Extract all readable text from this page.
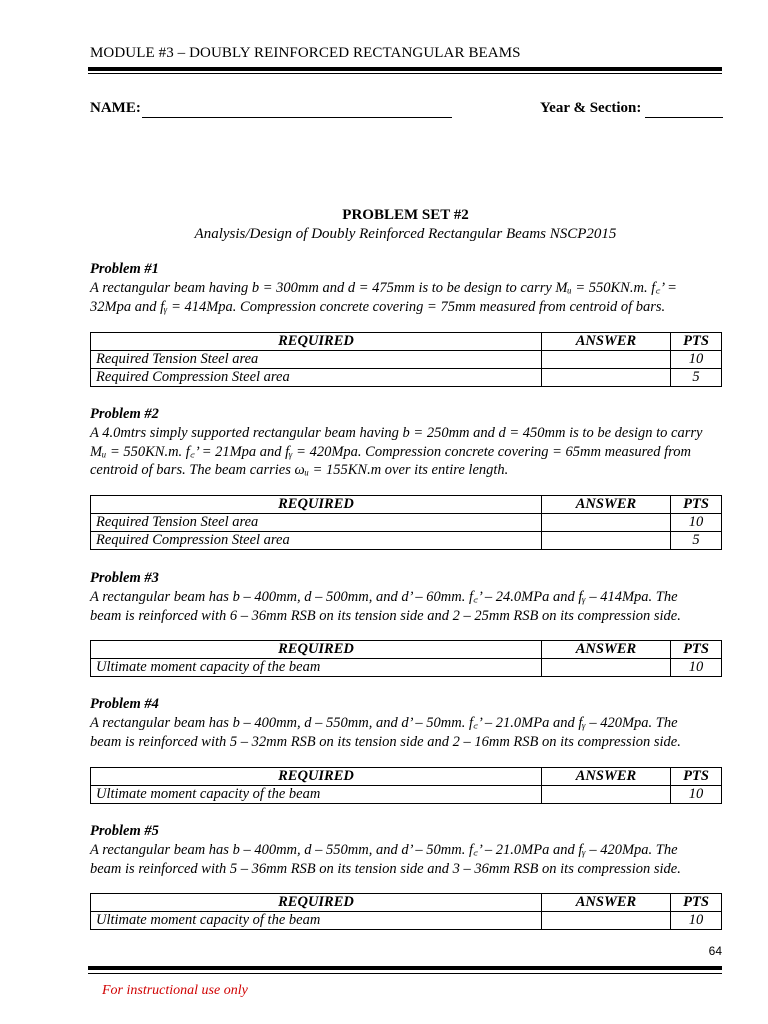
MODULE #3 – DOUBLY REINFORCED RECTANGULAR BEAMS
NAME:	Year & Section:
PROBLEM SET #2
Analysis/Design of Doubly Reinforced Rectangular Beams NSCP2015
Problem #1
A rectangular beam having b = 300mm and d = 475mm is to be design to carry Mᵤ = 550KN.m. f꜀’ =
32Mpa and fᵧ = 414Mpa. Compression concrete covering = 75mm measured from centroid of bars.
REQUIRED	ANSWER	PTS
Required Tension Steel area		10
Required Compression Steel area		5
Problem #2
A 4.0mtrs simply supported rectangular beam having b = 250mm and d = 450mm is to be design to carry
Mᵤ = 550KN.m. f꜀’ = 21Mpa and fᵧ = 420Mpa. Compression concrete covering = 65mm measured from
centroid of bars. The beam carries ωᵤ = 155KN.m over its entire length.
REQUIRED	ANSWER	PTS
Required Tension Steel area		10
Required Compression Steel area		5
Problem #3
A rectangular beam has b – 400mm, d – 500mm, and d’ – 60mm. f꜀’ – 24.0MPa and fᵧ – 414Mpa. The
beam is reinforced with 6 – 36mm RSB on its tension side and 2 – 25mm RSB on its compression side.
REQUIRED	ANSWER	PTS
Ultimate moment capacity of the beam		10
Problem #4
A rectangular beam has b – 400mm, d – 550mm, and d’ – 50mm. f꜀’ – 21.0MPa and fᵧ – 420Mpa. The
beam is reinforced with 5 – 32mm RSB on its tension side and 2 – 16mm RSB on its compression side.
REQUIRED	ANSWER	PTS
Ultimate moment capacity of the beam		10
Problem #5
A rectangular beam has b – 400mm, d – 550mm, and d’ – 50mm. f꜀’ – 21.0MPa and fᵧ – 420Mpa. The
beam is reinforced with 5 – 36mm RSB on its tension side and 3 – 36mm RSB on its compression side.
REQUIRED	ANSWER	PTS
Ultimate moment capacity of the beam		10
64
For instructional use only
